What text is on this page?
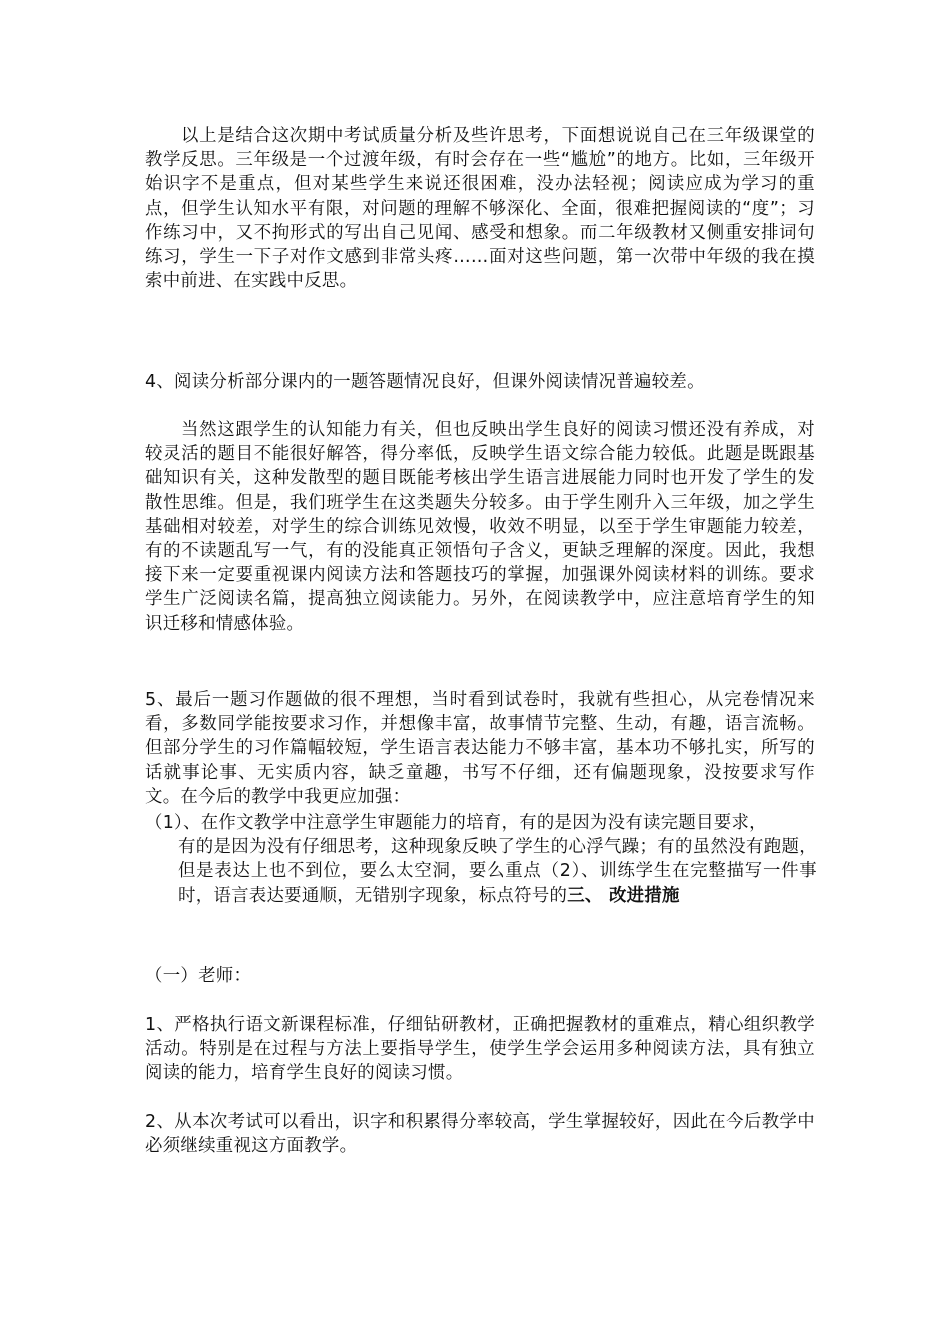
以上是结合这次期中考试质量分析及些许思考，下面想说说自己在三年级课堂的教学反思。三年级是一个过渡年级，有时会存在一些“尴尬”的地方。比如，三年级开始识字不是重点，但对某些学生来说还很困难，没办法轻视；阅读应成为学习的重点，但学生认知水平有限，对问题的理解不够深化、全面，很难把握阅读的“度”；习作练习中，又不拘形式的写出自己见闻、感受和想象。而二年级教材又侧重安排词句练习，学生一下子对作文感到非常头疼……面对这些问题，第一次带中年级的我在摸索中前进、在实践中反思。

4、阅读分析部分课内的一题答题情况良好，但课外阅读情况普遍较差。

当然这跟学生的认知能力有关，但也反映出学生良好的阅读习惯还没有养成，对较灵活的题目不能很好解答，得分率低，反映学生语文综合能力较低。此题是既跟基础知识有关，这种发散型的题目既能考核出学生语言进展能力同时也开发了学生的发散性思维。但是，我们班学生在这类题失分较多。由于学生刚升入三年级，加之学生基础相对较差，对学生的综合训练见效慢，收效不明显，以至于学生审题能力较差，有的不读题乱写一气，有的没能真正领悟句子含义，更缺乏理解的深度。因此，我想接下来一定要重视课内阅读方法和答题技巧的掌握，加强课外阅读材料的训练。要求学生广泛阅读名篇，提高独立阅读能力。另外，在阅读教学中，应注意培育学生的知识迁移和情感体验。

5、最后一题习作题做的很不理想，当时看到试卷时，我就有些担心，从完卷情况来看，多数同学能按要求习作，并想像丰富，故事情节完整、生动，有趣，语言流畅。但部分学生的习作篇幅较短，学生语言表达能力不够丰富，基本功不够扎实，所写的话就事论事、无实质内容，缺乏童趣，书写不仔细，还有偏题现象，没按要求写作文。在今后的教学中我更应加强：

（1）、在作文教学中注意学生审题能力的培育，有的是因为没有读完题目要求，
有的是因为没有仔细思考，这种现象反映了学生的心浮气躁；有的虽然没有跑题，但是表达上也不到位，要么太空洞，要么重点（2）、训练学生在完整描写一件事时，语言表达要通顺，无错别字现象，标点符号的三、 改进措施

（一）老师：

1、严格执行语文新课程标准，仔细钻研教材，正确把握教材的重难点，精心组织教学活动。特别是在过程与方法上要指导学生，使学生学会运用多种阅读方法，具有独立阅读的能力，培育学生良好的阅读习惯。

2、从本次考试可以看出，识字和积累得分率较高，学生掌握较好，因此在今后教学中必须继续重视这方面教学。
